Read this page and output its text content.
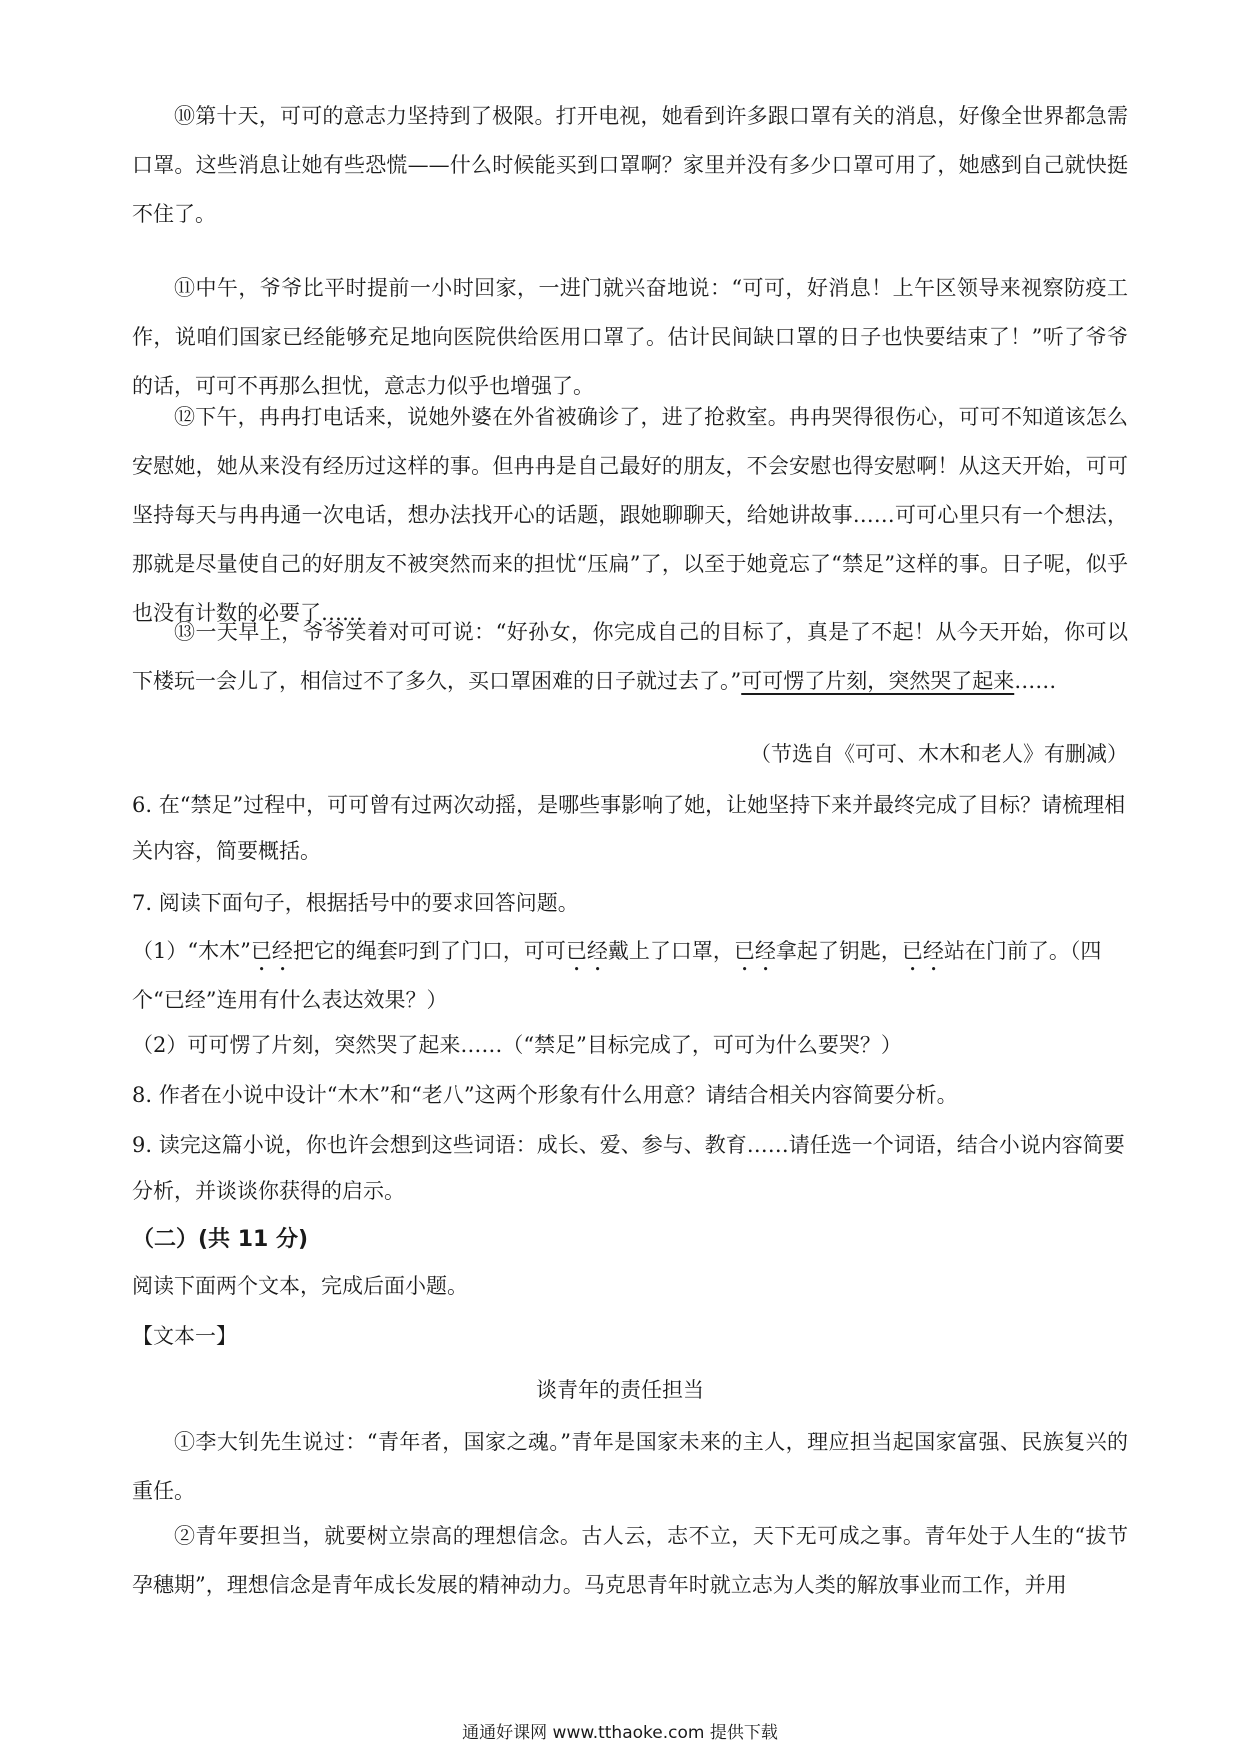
⑩第十天，可可的意志力坚持到了极限。打开电视，她看到许多跟口罩有关的消息，好像全世界都急需口罩。这些消息让她有些恐慌——什么时候能买到口罩啊？家里并没有多少口罩可用了，她感到自己就快挺不住了。

⑪中午，爷爷比平时提前一小时回家，一进门就兴奋地说：“可可，好消息！上午区领导来视察防疫工作，说咱们国家已经能够充足地向医院供给医用口罩了。估计民间缺口罩的日子也快要结束了！”听了爷爷的话，可可不再那么担忧，意志力似乎也增强了。

⑫下午，冉冉打电话来，说她外婆在外省被确诊了，进了抢救室。冉冉哭得很伤心，可可不知道该怎么安慰她，她从来没有经历过这样的事。但冉冉是自己最好的朋友，不会安慰也得安慰啊！从这天开始，可可坚持每天与冉冉通一次电话，想办法找开心的话题，跟她聊聊天，给她讲故事……可可心里只有一个想法，那就是尽量使自己的好朋友不被突然而来的担忧“压扁”了，以至于她竟忘了“禁足”这样的事。日子呢，似乎也没有计数的必要了……

⑬一天早上，爷爷笑着对可可说：“好孙女，你完成自己的目标了，真是了不起！从今天开始，你可以下楼玩一会儿了，相信过不了多久，买口罩困难的日子就过去了。”可可愣了片刻，突然哭了起来……

（节选自《可可、木木和老人》有删减）

6. 在“禁足”过程中，可可曾有过两次动摇，是哪些事影响了她，让她坚持下来并最终完成了目标？请梳理相关内容，简要概括。

7. 阅读下面句子，根据括号中的要求回答问题。

（1）“木木”已经把它的绳套叼到了门口，可可已经戴上了口罩，已经拿起了钥匙，已经站在门前了。（四个“已经”连用有什么表达效果？）

（2）可可愣了片刻，突然哭了起来……（“禁足”目标完成了，可可为什么要哭？）

8. 作者在小说中设计“木木”和“老八”这两个形象有什么用意？请结合相关内容简要分析。

9. 读完这篇小说，你也许会想到这些词语：成长、爱、参与、教育……请任选一个词语，结合小说内容简要分析，并谈谈你获得的启示。

（二）(共 11 分)
阅读下面两个文本，完成后面小题。
【文本一】
谈青年的责任担当

①李大钊先生说过：“青年者，国家之魂。”青年是国家未来的主人，理应担当起国家富强、民族复兴的重任。

②青年要担当，就要树立崇高的理想信念。古人云，志不立，天下无可成之事。青年处于人生的“拔节孕穗期”，理想信念是青年成长发展的精神动力。马克思青年时就立志为人类的解放事业而工作，并用

通通好课网 www.tthaoke.com 提供下载
